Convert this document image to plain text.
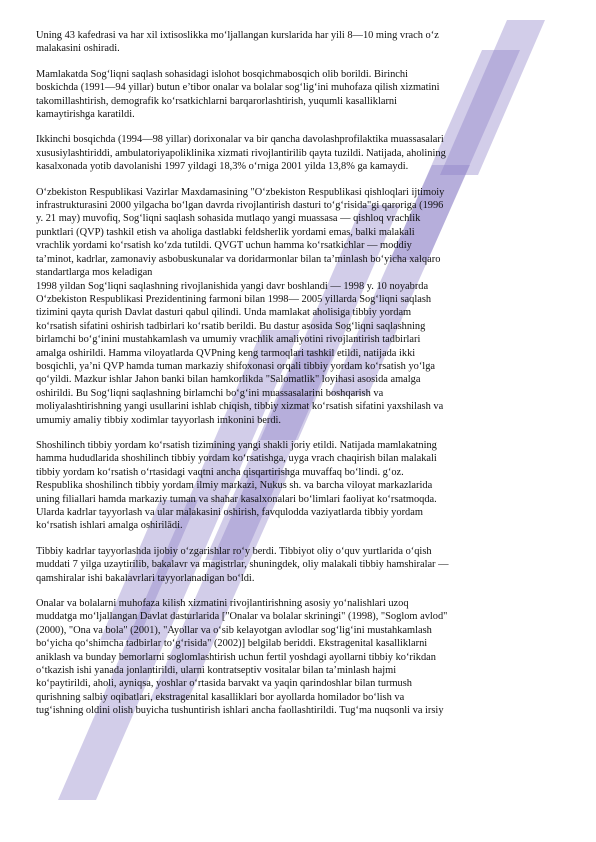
Uning 43 kafedrasi va har xil ixtisoslikka mo‘ljallangan kurslarida har yili 8—10 ming vrach o‘z
malakasini oshiradi.

Mamlakatda Sog‘liqni saqlash sohasidagi islohot bosqichmabosqich olib borildi. Birinchi
boskichda (1991—94 yillar) butun e’tibor onalar va bolalar sog‘lig‘ini muhofaza qilish xizmatini
takomillashtirish, demografik ko‘rsatkichlarni barqarorlashtirish, yuqumli kasalliklarni
kamaytirishga karatildi.

Ikkinchi bosqichda (1994—98 yillar) dorixonalar va bir qancha davolashprofilaktika muassasalari
xususiylashtiriddi, ambulatoriyapoliklinika xizmati rivojlantirilib qayta tuzildi. Natijada, aholining
kasalxonada yotib davolanishi 1997 yildagi 18,3% o‘rniga 2001 yilda 13,8% ga kamaydi.

O‘zbekiston Respublikasi Vazirlar Maxdamasining "O‘zbekiston Respublikasi qishloqlari ijtimoiy
infrastrukturasini 2000 yilgacha bo‘lgan davrda rivojlantirish dasturi to‘g‘risida"gi qaroriga (1996
y. 21 may) muvofiq, Sog‘liqni saqlash sohasida mutlaqo yangi muassasa — qishloq vrachlik
punktlari (QVP) tashkil etish va aholiga dastlabki feldsherlik yordami emas, balki malakali
vrachlik yordami ko‘rsatish ko‘zda tutildi. QVGT uchun hamma ko‘rsatkichlar — moddiy
ta’minot, kadrlar, zamonaviy asbobuskunalar va doridarmonlar bilan ta’minlash bo‘yicha xalqaro
standartlarga mos keladigan

1998 yildan Sog‘liqni saqlashning rivojlanishida yangi davr boshlandi — 1998 y. 10 noyabrda
O‘zbekiston Respublikasi Prezidentining farmoni bilan 1998— 2005 yillarda Sog‘liqni saqlash
tizimini qayta qurish Davlat dasturi qabul qilindi. Unda mamlakat aholisiga tibbiy yordam
ko‘rsatish sifatini oshirish tadbirlari ko‘rsatib berildi. Bu dastur asosida Sog‘liqni saqlashning
birlamchi bo‘g‘inini mustahkamlash va umumiy vrachlik amaliyotini rivojlantirish tadbirlari
amalga oshirildi. Hamma viloyatlarda QVPning keng tarmoqlari tashkil etildi, natijada ikki
bosqichli, ya’ni QVP hamda tuman markaziy shifoxonasi orqali tibbiy yordam ko‘rsatish yo‘lga
qo‘yildi. Mazkur ishlar Jahon banki bilan hamkorlikda "Salomatlik" loyihasi asosida amalga
oshirildi. Bu Sog‘liqni saqlashning birlamchi bo‘g‘ini muassasalarini boshqarish va
moliyalashtirishning yangi usullarini ishlab chiqish, tibbiy xizmat ko‘rsatish sifatini yaxshilash va
umumiy amaliy tibbiy xodimlar tayyorlash imkonini berdi.

Shoshilinch tibbiy yordam ko‘rsatish tizimining yangi shakli joriy etildi. Natijada mamlakatning
hamma hududlarida shoshilinch tibbiy yordam ko‘rsatishga, uyga vrach chaqirish bilan malakali
tibbiy yordam ko‘rsatish o‘rtasidagi vaqtni ancha qisqartirishga muvaffaq bo‘lindi. g‘oz.
Respublika shoshilinch tibbiy yordam ilmiy markazi, Nukus sh. va barcha viloyat markazlarida
uning filiallari hamda markaziy tuman va shahar kasalxonalari bo‘limlari faoliyat ko‘rsatmoqda.
Ularda kadrlar tayyorlash va ular malakasini oshirish, favqulodda vaziyatlarda tibbiy yordam
ko‘rsatish ishlari amalga oshirilādi.

Tibbiy kadrlar tayyorlashda ijobiy o‘zgarishlar ro‘y berdi. Tibbiyot oliy o‘quv yurtlarida o‘qish
muddati 7 yilga uzaytirilib, bakalavr va magistrlar, shuningdek, oliy malakali tibbiy hamshiralar —
qamshiralar ishi bakalavrlari tayyorlanadigan bo‘ldi.

Onalar va bolalarni muhofaza kilish xizmatini rivojlantirishning asosiy yo‘nalishlari uzoq
muddatga mo‘ljallangan Davlat dasturlarida ["Onalar va bolalar skriningi" (1998), "Soglom avlod"
(2000), "Ona va bola" (2001), "Ayollar va o‘sib kelayotgan avlodlar sog‘lig‘ini mustahkamlash
bo‘yicha qo‘shimcha tadbirlar to‘g‘risida" (2002)] belgilab beriddi. Ekstragenital kasalliklarni
aniklash va bunday bemorlarni soglomlashtirish uchun fertil yoshdagi ayollarni tibbiy ko‘rikdan
o‘tkazish ishi yanada jonlantirildi, ularni kontratseptiv vositalar bilan ta’minlash hajmi
ko‘paytirildi, aholi, ayniqsa, yoshlar o‘rtasida barvakt va yaqin qarindoshlar bilan turmush
qurishning salbiy oqibatlari, ekstragenital kasalliklari bor ayollarda homilador bo‘lish va
tug‘ishning oldini olish buyicha tushuntirish ishlari ancha faollashtirildi. Tug‘ma nuqsonli va irsiy
